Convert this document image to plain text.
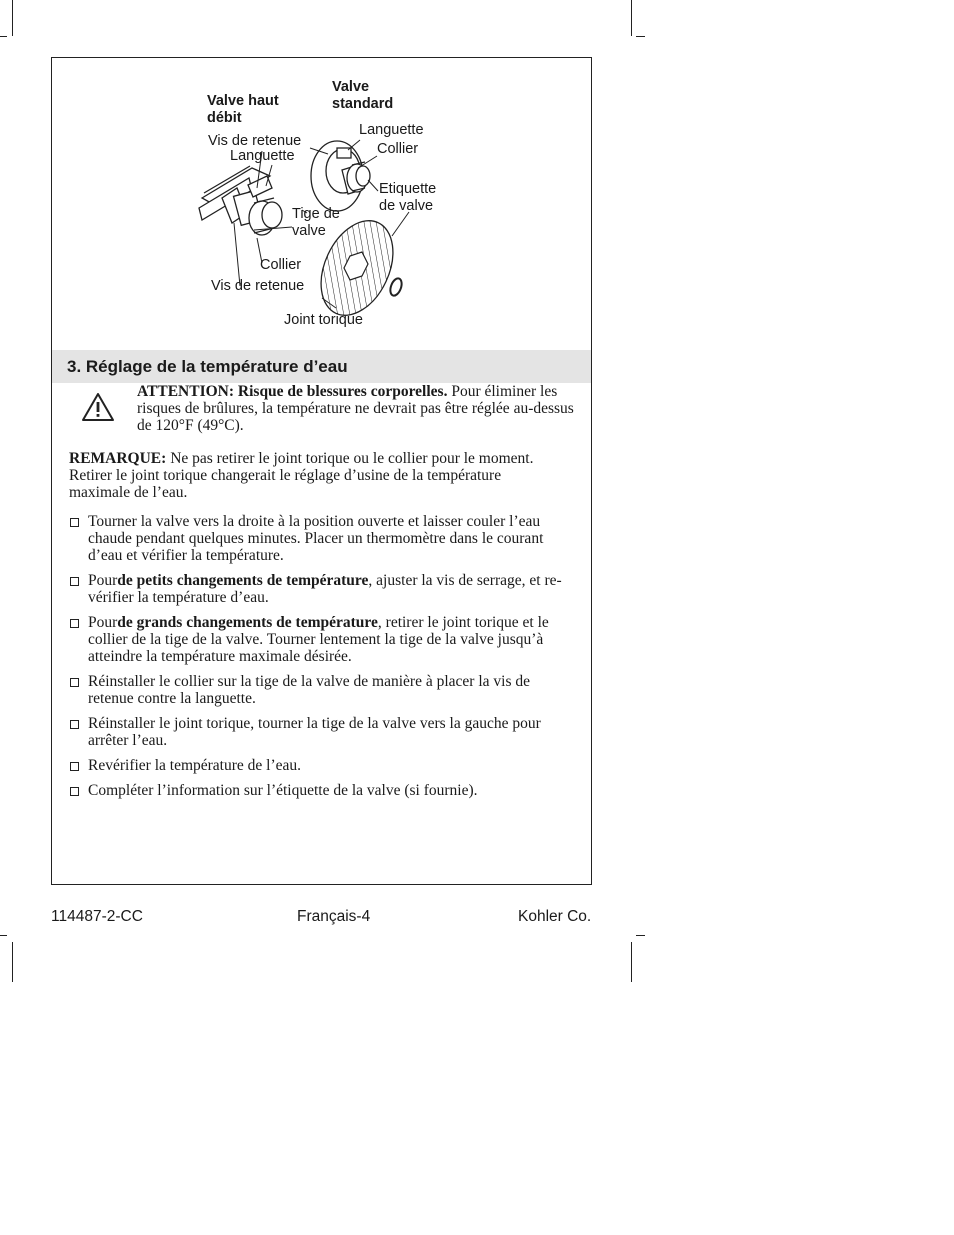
Valve haut
débit
Valve
standard
Vis de retenue
Languette
Languette
Collier
Etiquette
de valve
Tige de
valve
Collier
Vis de retenue
Joint torique
3. Réglage de la température d’eau
ATTENTION: Risque de blessures corporelles. Pour éliminer les risques de brûlures, la température ne devrait pas être réglée au-dessus de 120°F (49°C).
REMARQUE: Ne pas retirer le joint torique ou le collier pour le moment. Retirer le joint torique changerait le réglage d’usine de la température maximale de l’eau.
Tourner la valve vers la droite à la position ouverte et laisser couler l’eau chaude pendant quelques minutes. Placer un thermomètre dans le courant d’eau et vérifier la température.
Pourde petits changements de température, ajuster la vis de serrage, et re-vérifier la température d’eau.
Pourde grands changements de température, retirer le joint torique et le collier de la tige de la valve. Tourner lentement la tige de la valve jusqu’à atteindre la température maximale désirée.
Réinstaller le collier sur la tige de la valve de manière à placer la vis de retenue contre la languette.
Réinstaller le joint torique, tourner la tige de la valve vers la gauche pour arrêter l’eau.
Revérifier la température de l’eau.
Compléter l’information sur l’étiquette de la valve (si fournie).
114487-2-CC	Français-4	Kohler Co.
